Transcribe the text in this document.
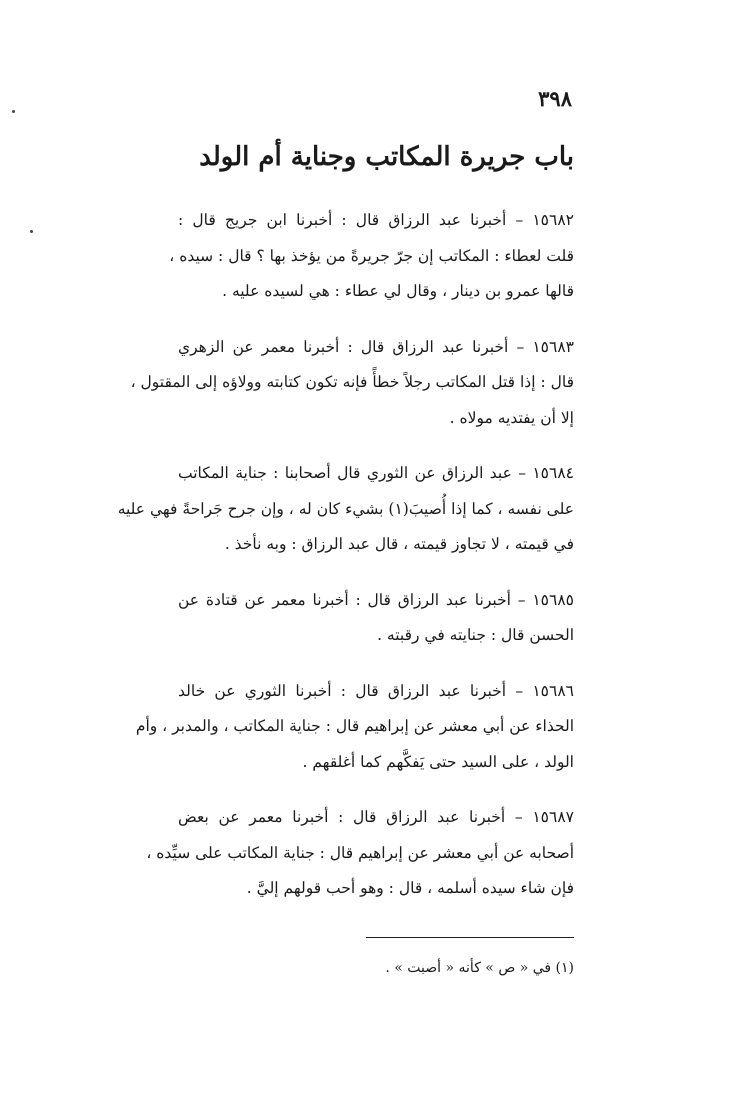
٣٩٨
باب جريرة المكاتب وجناية أم الولد

١٥٦٨٢ – أخبرنا عبد الرزاق قال : أخبرنا ابن جريج قال :
قلت لعطاء : المكاتب إن جرّ جريرةً من يؤخذ بها ؟ قال : سيده ،
قالها عمرو بن دينار ، وقال لي عطاء : هي لسيده عليه .

١٥٦٨٣ – أخبرنا عبد الرزاق قال : أخبرنا معمر عن الزهري
قال : إذا قتل المكاتب رجلاً خطأً فإنه تكون كتابته وولاؤه إلى المقتول ،
إلا أن يفتديه مولاه .

١٥٦٨٤ – عبد الرزاق عن الثوري قال أصحابنا : جناية المكاتب
على نفسه ، كما إذا أُصيبَ(١) بشيء كان له ، وإن جرح جَراحةً فهي عليه
في قيمته ، لا تجاوز قيمته ، قال عبد الرزاق : وبه نأخذ .

١٥٦٨٥ – أخبرنا عبد الرزاق قال : أخبرنا معمر عن قتادة عن
الحسن قال : جنايته في رقبته .

١٥٦٨٦ – أخبرنا عبد الرزاق قال : أخبرنا الثوري عن خالد
الحذاء عن أبي معشر عن إبراهيم قال : جناية المكاتب ، والمدبر ، وأم
الولد ، على السيد حتى يَفكَّهم كما أغلقهم .

١٥٦٨٧ – أخبرنا عبد الرزاق قال : أخبرنا معمر عن بعض
أصحابه عن أبي معشر عن إبراهيم قال : جناية المكاتب على سيِّده ،
فإن شاء سيده أسلمه ، قال : وهو أحب قولهم إليَّ .

(١) في « ص » كأنه « أصبت » .
